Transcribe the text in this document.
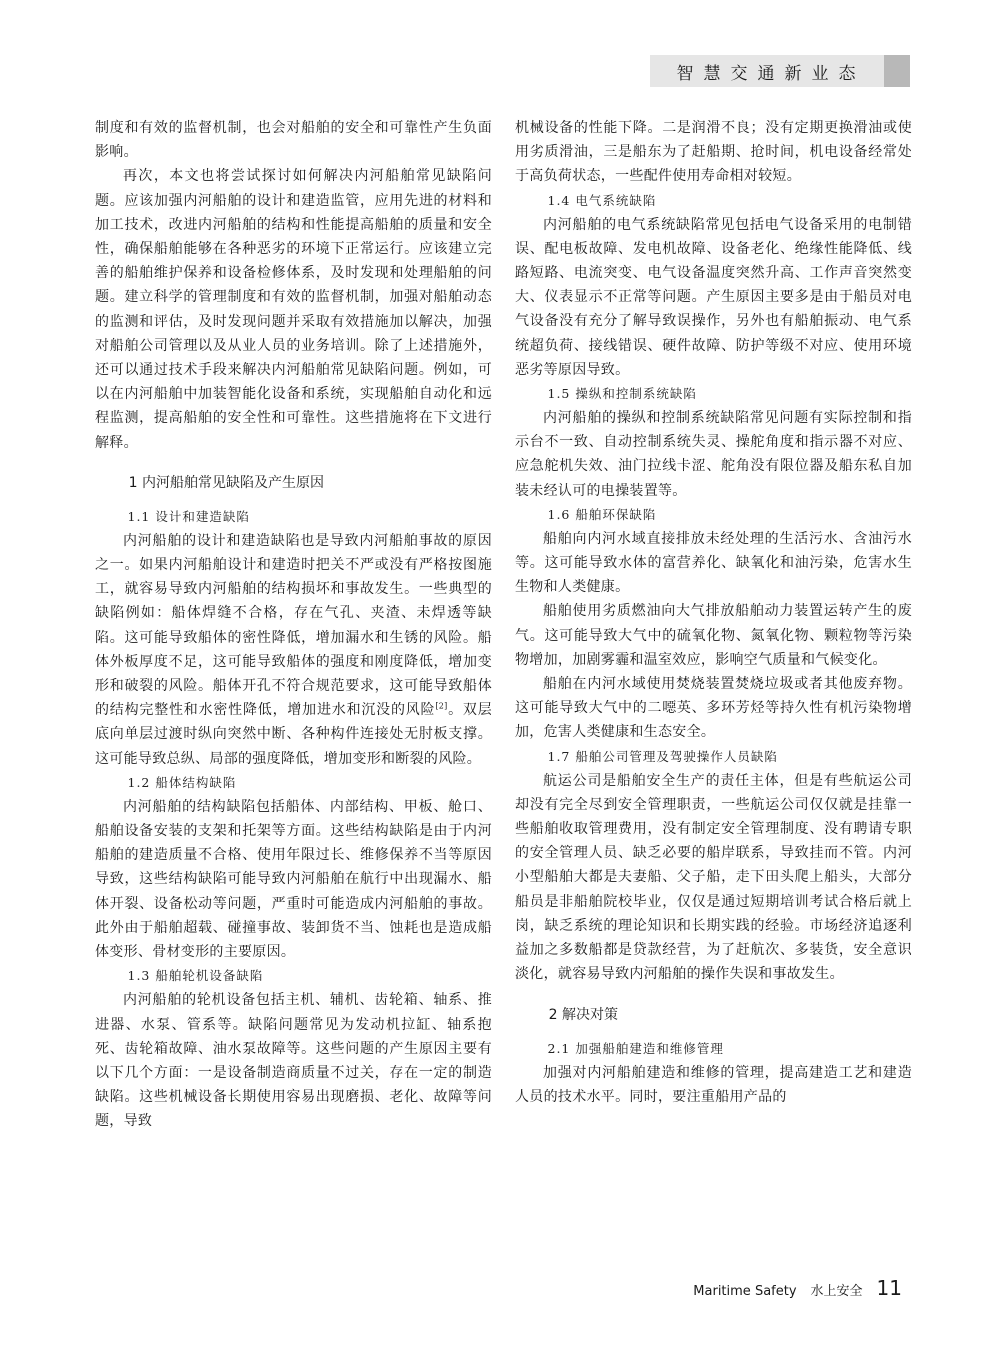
智慧交通新业态

制度和有效的监督机制，也会对船舶的安全和可靠性产生负面影响。

再次，本文也将尝试探讨如何解决内河船舶常见缺陷问题。应该加强内河船舶的设计和建造监管，应用先进的材料和加工技术，改进内河船舶的结构和性能提高船舶的质量和安全性，确保船舶能够在各种恶劣的环境下正常运行。应该建立完善的船舶维护保养和设备检修体系，及时发现和处理船舶的问题。建立科学的管理制度和有效的监督机制，加强对船舶动态的监测和评估，及时发现问题并采取有效措施加以解决，加强对船舶公司管理以及从业人员的业务培训。除了上述措施外，还可以通过技术手段来解决内河船舶常见缺陷问题。例如，可以在内河船舶中加装智能化设备和系统，实现船舶自动化和远程监测，提高船舶的安全性和可靠性。这些措施将在下文进行解释。

1 内河船舶常见缺陷及产生原因
1.1 设计和建造缺陷

内河船舶的设计和建造缺陷也是导致内河船舶事故的原因之一。如果内河船舶设计和建造时把关不严或没有严格按图施工，就容易导致内河船舶的结构损坏和事故发生。一些典型的缺陷例如：船体焊缝不合格，存在气孔、夹渣、未焊透等缺陷。这可能导致船体的密性降低，增加漏水和生锈的风险。船体外板厚度不足，这可能导致船体的强度和刚度降低，增加变形和破裂的风险。船体开孔不符合规范要求，这可能导致船体的结构完整性和水密性降低，增加进水和沉没的风险[2]。双层底向单层过渡时纵向突然中断、各种构件连接处无肘板支撑。这可能导致总纵、局部的强度降低，增加变形和断裂的风险。

1.2 船体结构缺陷

内河船舶的结构缺陷包括船体、内部结构、甲板、舱口、船舶设备安装的支架和托架等方面。这些结构缺陷是由于内河船舶的建造质量不合格、使用年限过长、维修保养不当等原因导致，这些结构缺陷可能导致内河船舶在航行中出现漏水、船体开裂、设备松动等问题，严重时可能造成内河船舶的事故。此外由于船舶超载、碰撞事故、装卸货不当、蚀耗也是造成船体变形、骨材变形的主要原因。

1.3 船舶轮机设备缺陷

内河船舶的轮机设备包括主机、辅机、齿轮箱、轴系、推进器、水泵、管系等。缺陷问题常见为发动机拉缸、轴系抱死、齿轮箱故障、油水泵故障等。这些问题的产生原因主要有以下几个方面：一是设备制造商质量不过关，存在一定的制造缺陷。这些机械设备长期使用容易出现磨损、老化、故障等问题，导致

机械设备的性能下降。二是润滑不良；没有定期更换滑油或使用劣质滑油，三是船东为了赶船期、抢时间，机电设备经常处于高负荷状态，一些配件使用寿命相对较短。

1.4 电气系统缺陷

内河船舶的电气系统缺陷常见包括电气设备采用的电制错误、配电板故障、发电机故障、设备老化、绝缘性能降低、线路短路、电流突变、电气设备温度突然升高、工作声音突然变大、仪表显示不正常等问题。产生原因主要多是由于船员对电气设备没有充分了解导致误操作，另外也有船舶振动、电气系统超负荷、接线错误、硬件故障、防护等级不对应、使用环境恶劣等原因导致。

1.5 操纵和控制系统缺陷

内河船舶的操纵和控制系统缺陷常见问题有实际控制和指示台不一致、自动控制系统失灵、操舵角度和指示器不对应、应急舵机失效、油门拉线卡涩、舵角没有限位器及船东私自加装未经认可的电操装置等。

1.6 船舶环保缺陷

船舶向内河水域直接排放未经处理的生活污水、含油污水等。这可能导致水体的富营养化、缺氧化和油污染，危害水生生物和人类健康。

船舶使用劣质燃油向大气排放船舶动力装置运转产生的废气。这可能导致大气中的硫氧化物、氮氧化物、颗粒物等污染物增加，加剧雾霾和温室效应，影响空气质量和气候变化。

船舶在内河水域使用焚烧装置焚烧垃圾或者其他废弃物。这可能导致大气中的二噁英、多环芳烃等持久性有机污染物增加，危害人类健康和生态安全。

1.7 船舶公司管理及驾驶操作人员缺陷

航运公司是船舶安全生产的责任主体，但是有些航运公司却没有完全尽到安全管理职责，一些航运公司仅仅就是挂靠一些船舶收取管理费用，没有制定安全管理制度、没有聘请专职的安全管理人员、缺乏必要的船岸联系，导致挂而不管。内河小型船舶大都是夫妻船、父子船，走下田头爬上船头，大部分船员是非船舶院校毕业，仅仅是通过短期培训考试合格后就上岗，缺乏系统的理论知识和长期实践的经验。市场经济追逐利益加之多数船都是贷款经营，为了赶航次、多装货，安全意识淡化，就容易导致内河船舶的操作失误和事故发生。

2 解决对策
2.1 加强船舶建造和维修管理

加强对内河船舶建造和维修的管理，提高建造工艺和建造人员的技术水平。同时，要注重船用产品的

Maritime Safety 水上安全 11
